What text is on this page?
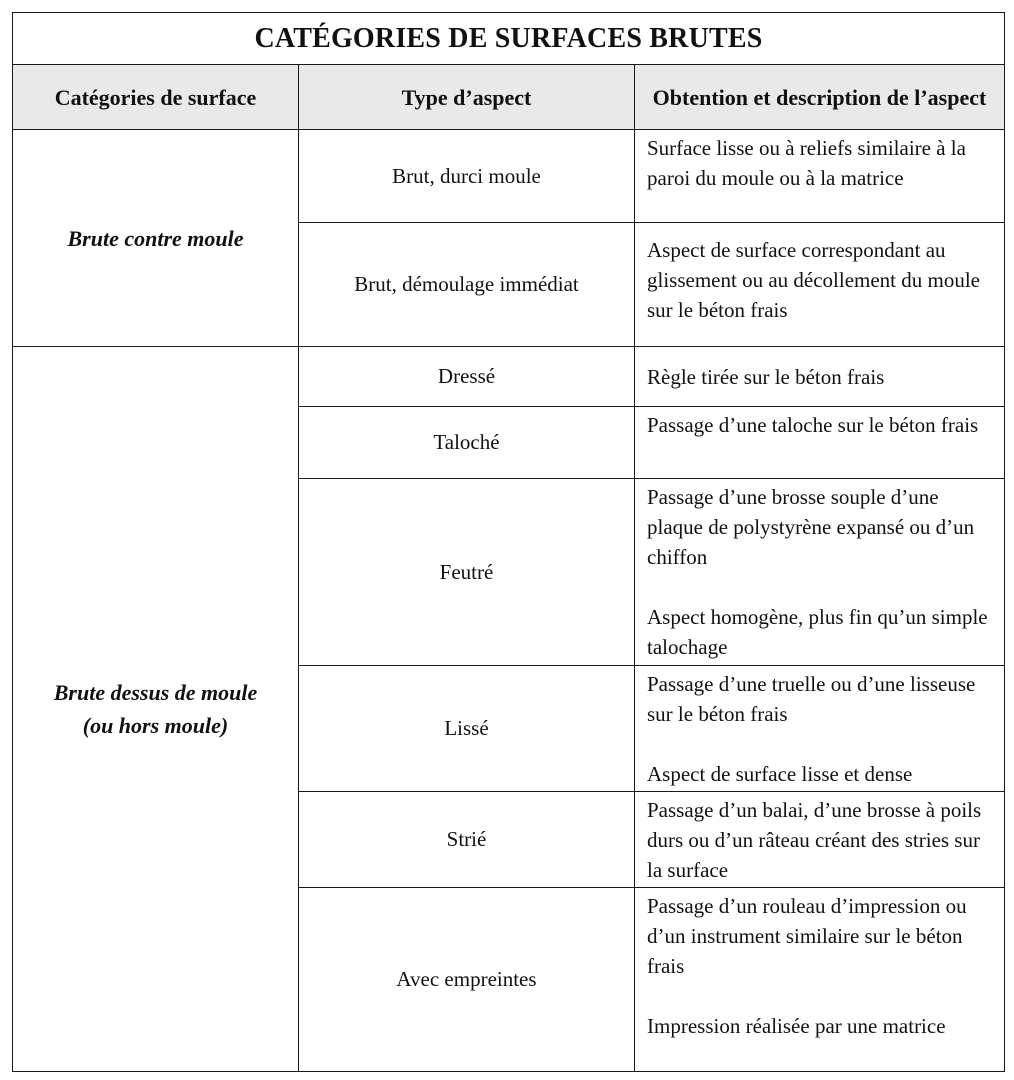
CATÉGORIES DE SURFACES BRUTES		
Catégories de surface	Type d’aspect	Obtention et description de l’aspect
Brute contre moule	Brut, durci moule	Surface lisse ou à reliefs similaire à la paroi du moule ou à la matrice

	Brut, démoulage immédiat	Aspect de surface correspondant au glissement ou au décollement du moule sur le béton frais

Brute dessus de moule
(ou hors moule)	Dressé	Règle tirée sur le béton frais

	Taloché	Passage d’une taloche sur le béton frais

	Feutré	Passage d’une brosse souple d’une plaque de polystyrène expansé ou d’un chiffon

Aspect homogène, plus fin qu’un simple talochage

	Lissé	Passage d’une truelle ou d’une lisseuse sur le béton frais

Aspect de surface lisse et dense

	Strié	Passage d’un balai, d’une brosse à poils durs ou d’un râteau créant des stries sur la surface

	Avec empreintes	Passage d’un rouleau d’impression ou d’un instrument similaire sur le béton frais

Impression réalisée par une matrice
